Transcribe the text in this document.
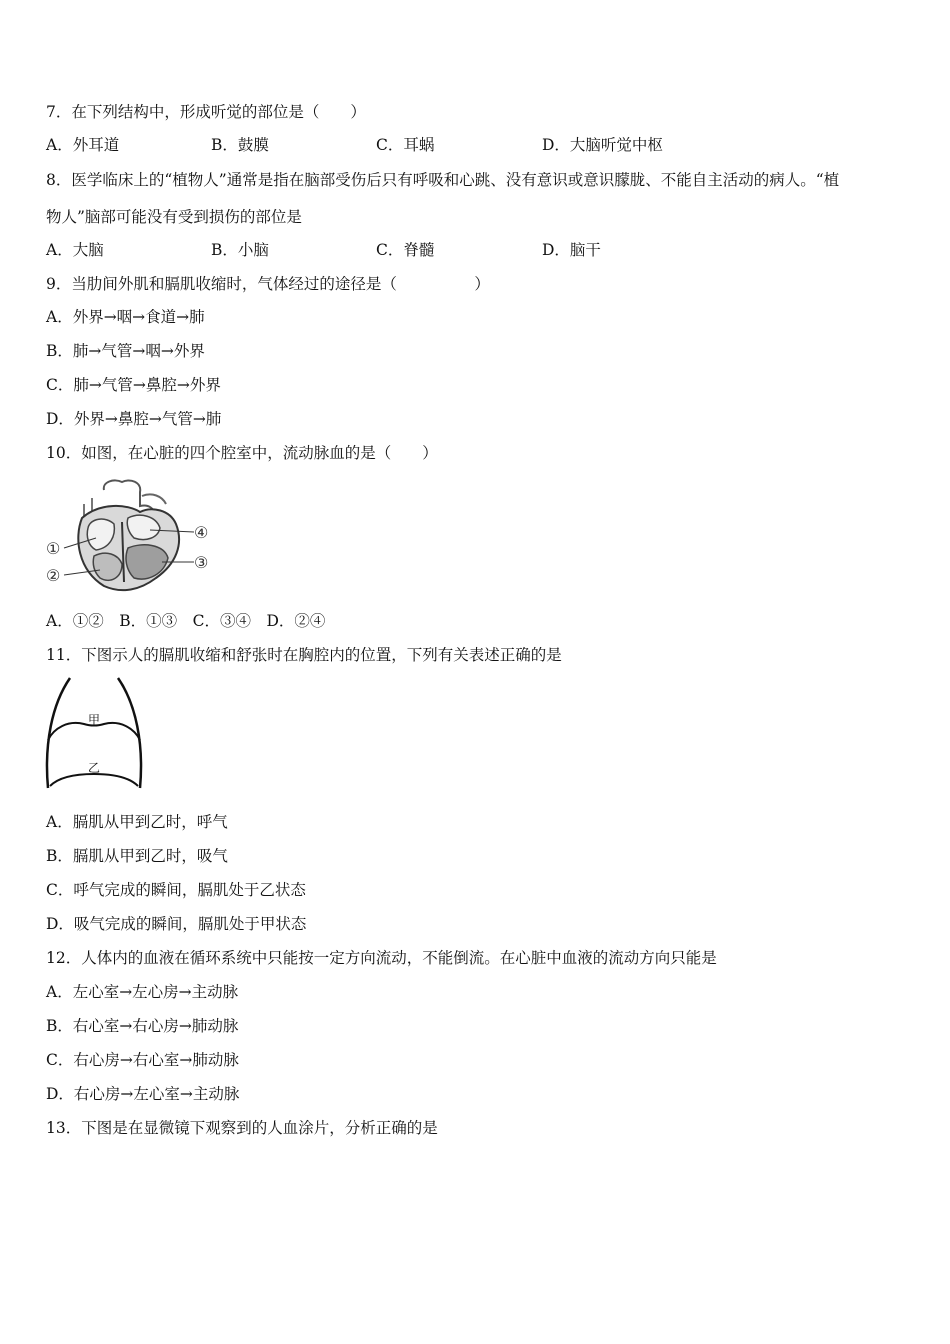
7．在下列结构中，形成听觉的部位是（　　）
A．外耳道	B．鼓膜	C．耳蜗	D．大脑听觉中枢
8．医学临床上的“植物人”通常是指在脑部受伤后只有呼吸和心跳、没有意识或意识朦胧、不能自主活动的病人。“植
物人”脑部可能没有受到损伤的部位是
A．大脑	B．小脑	C．脊髓	D．脑干
9．当肋间外肌和膈肌收缩时，气体经过的途径是（　　　　　）
A．外界→咽→食道→肺
B．肺→气管→咽→外界
C．肺→气管→鼻腔→外界
D．外界→鼻腔→气管→肺
10．如图，在心脏的四个腔室中，流动脉血的是（　　）
①
②
③
④
A．①②　B．①③　C．③④　D．②④
11．下图示人的膈肌收缩和舒张时在胸腔内的位置，下列有关表述正确的是
甲
乙
A．膈肌从甲到乙时，呼气
B．膈肌从甲到乙时，吸气
C．呼气完成的瞬间，膈肌处于乙状态
D．吸气完成的瞬间，膈肌处于甲状态
12．人体内的血液在循环系统中只能按一定方向流动，不能倒流。在心脏中血液的流动方向只能是
A．左心室→左心房→主动脉
B．右心室→右心房→肺动脉
C．右心房→右心室→肺动脉
D．右心房→左心室→主动脉
13．下图是在显微镜下观察到的人血涂片，分析正确的是
